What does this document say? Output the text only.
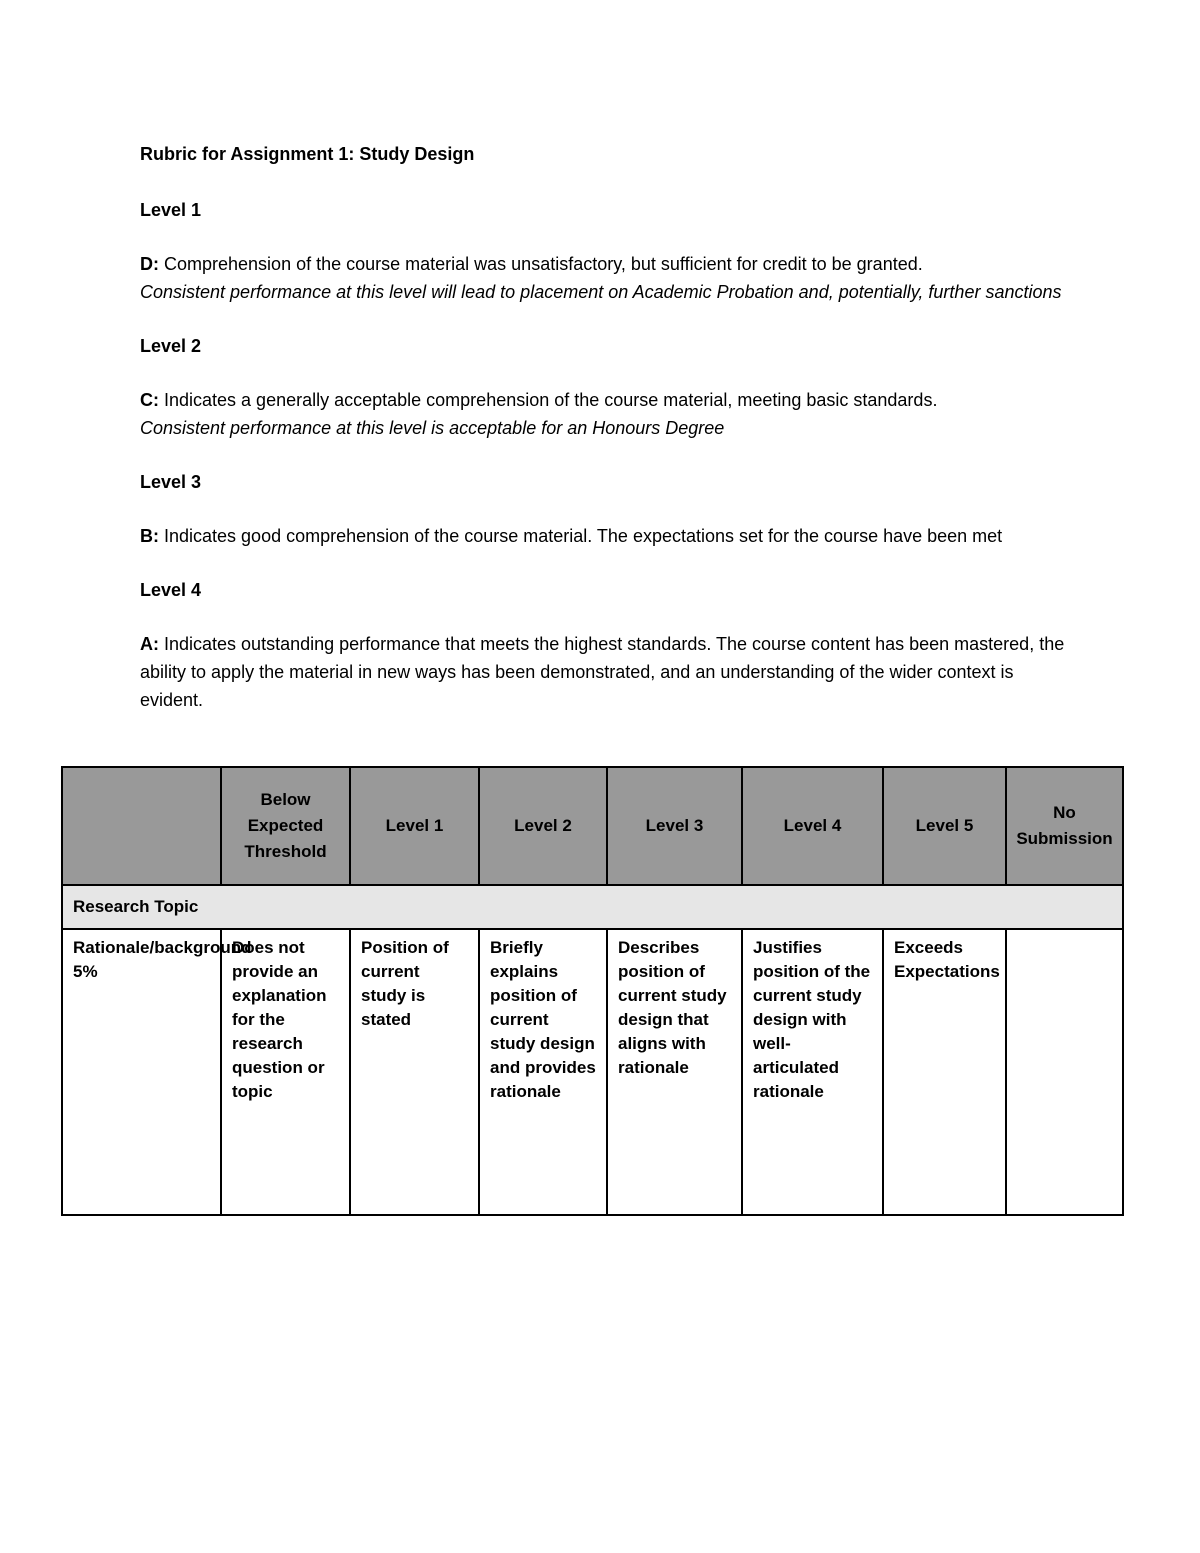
Rubric for Assignment 1: Study Design

Level 1

D: Comprehension of the course material was unsatisfactory, but sufficient for credit to be granted.
Consistent performance at this level will lead to placement on Academic Probation and, potentially, further sanctions

Level 2

C: Indicates a generally acceptable comprehension of the course material, meeting basic standards.
Consistent performance at this level is acceptable for an Honours Degree

Level 3

B: Indicates good comprehension of the course material. The expectations set for the course have been met

Level 4

A: Indicates outstanding performance that meets the highest standards. The course content has been mastered, the ability to apply the material in new ways has been demonstrated, and an understanding of the wider context is evident.

	Below Expected Threshold	Level 1	Level 2	Level 3	Level 4	Level 5	No Submission
Research Topic							
Rationale/background 5%	Does not provide an explanation for the research question or topic	Position of current study is stated	Briefly explains position of current study design and provides rationale	Describes position of current study design that aligns with rationale	Justifies position of the current study design with well-articulated rationale	Exceeds Expectations	
